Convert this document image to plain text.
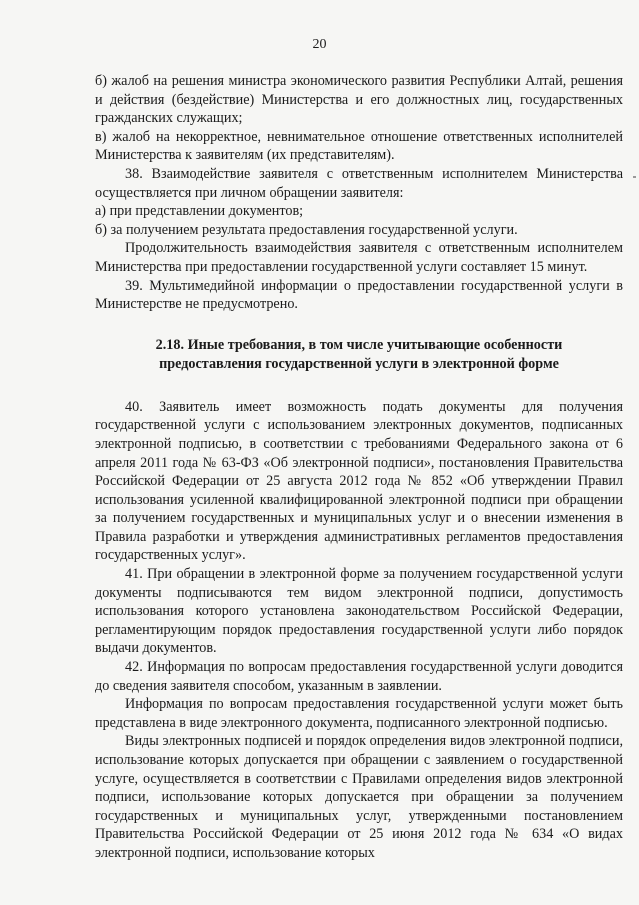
20

б) жалоб на решения министра экономического развития Республики Алтай, решения и действия (бездействие) Министерства и его должностных лиц, государственных гражданских служащих;

в) жалоб на некорректное, невнимательное отношение ответственных исполнителей Министерства к заявителям (их представителям).

38. Взаимодействие заявителя с ответственным исполнителем Министерства осуществляется при личном обращении заявителя:

а) при представлении документов;

б) за получением результата предоставления государственной услуги.

Продолжительность взаимодействия заявителя с ответственным исполнителем Министерства при предоставлении государственной услуги составляет 15 минут.

39. Мультимедийной информации о предоставлении государственной услуги в Министерстве не предусмотрено.

2.18. Иные требования, в том числе учитывающие особенности
предоставления государственной услуги в электронной форме

40. Заявитель имеет возможность подать документы для получения государственной услуги с использованием электронных документов, подписанных электронной подписью, в соответствии с требованиями Федерального закона от 6 апреля 2011 года № 63-ФЗ «Об электронной подписи», постановления Правительства Российской Федерации от 25 августа 2012 года № 852 «Об утверждении Правил использования усиленной квалифицированной электронной подписи при обращении за получением государственных и муниципальных услуг и о внесении изменения в Правила разработки и утверждения административных регламентов предоставления государственных услуг».

41. При обращении в электронной форме за получением государственной услуги документы подписываются тем видом электронной подписи, допустимость использования которого установлена законодательством Российской Федерации, регламентирующим порядок предоставления государственной услуги либо порядок выдачи документов.

42. Информация по вопросам предоставления государственной услуги доводится до сведения заявителя способом, указанным в заявлении.

Информация по вопросам предоставления государственной услуги может быть представлена в виде электронного документа, подписанного электронной подписью.

Виды электронных подписей и порядок определения видов электронной подписи, использование которых допускается при обращении с заявлением о государственной услуге, осуществляется в соответствии с Правилами определения видов электронной подписи, использование которых допускается при обращении за получением государственных и муниципальных услуг, утвержденными постановлением Правительства Российской Федерации от 25 июня 2012 года № 634 «О видах электронной подписи, использование которых
